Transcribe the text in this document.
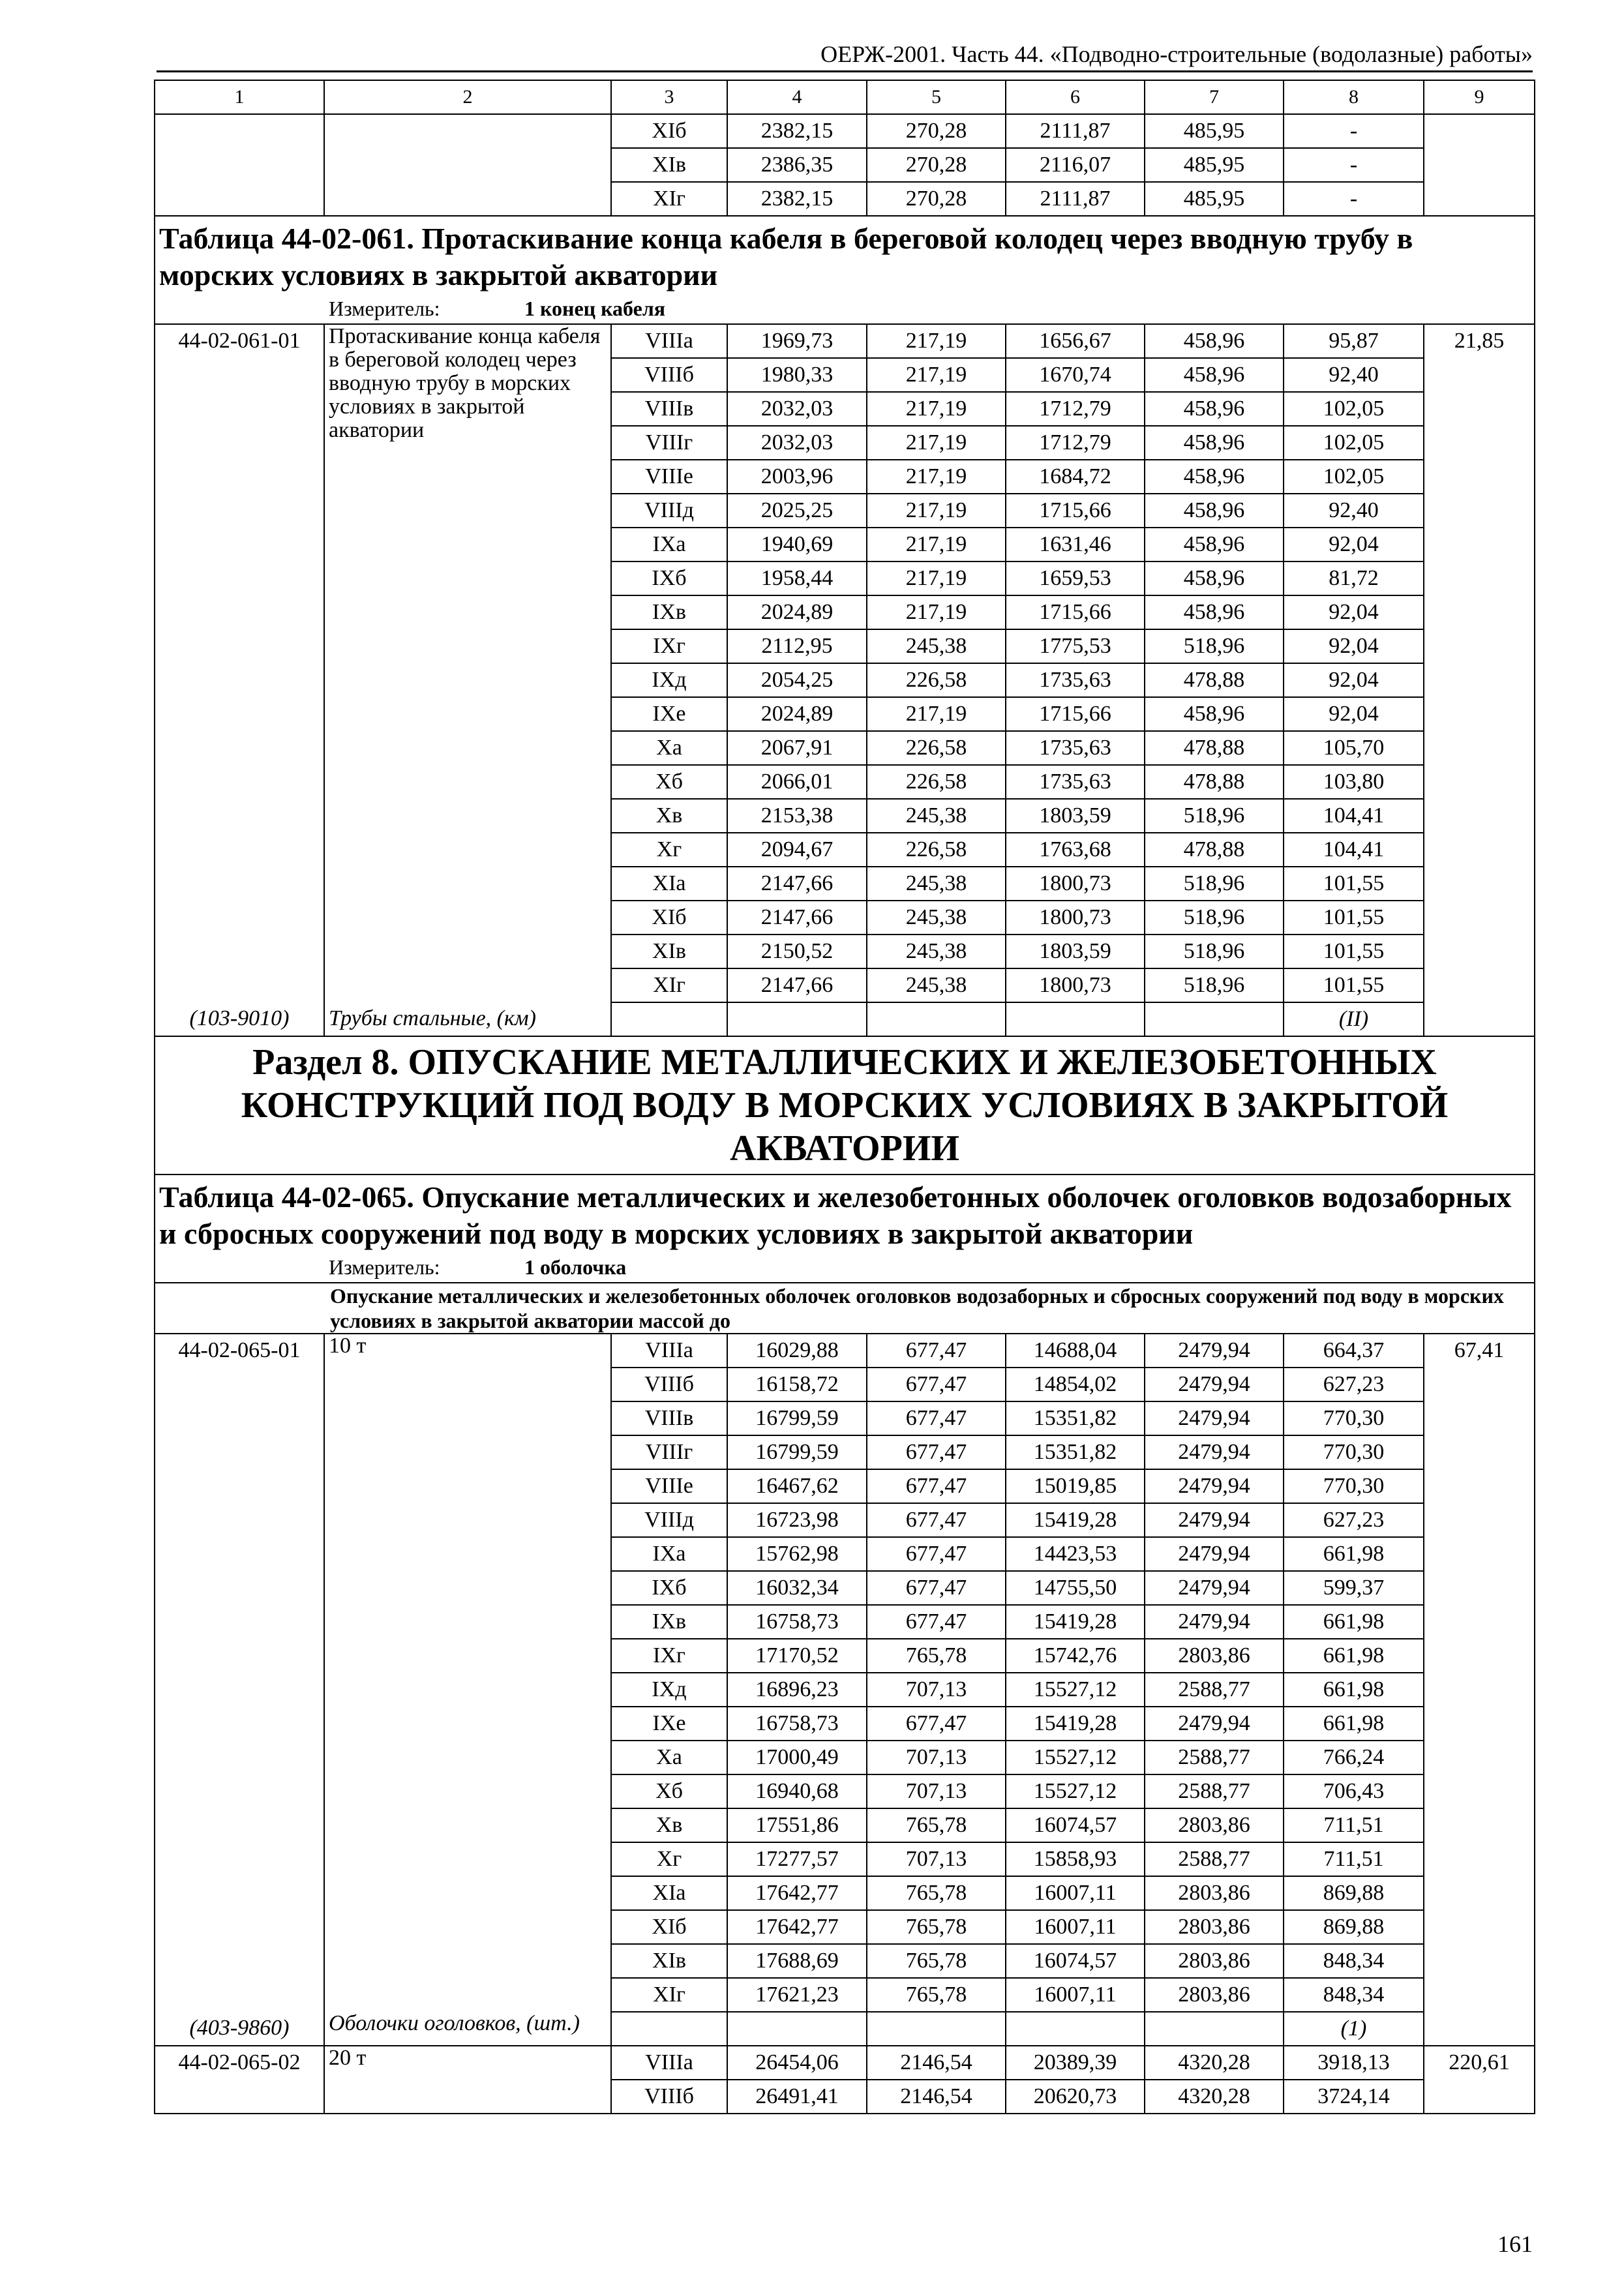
ОЕРЖ-2001. Часть 44. «Подводно-строительные (водолазные) работы»
1	2	3	4	5	6	7	8	9
		XIб	2382,15	270,28	2111,87	485,95	-	
		XIв	2386,35	270,28	2116,07	485,95	-	
		XIг	2382,15	270,28	2111,87	485,95	-	
Таблица 44-02-061. Протаскивание конца кабеля в береговой колодец через вводную трубу в морских условиях в закрытой акватории								
Измеритель: 1 конец кабеля								
44-02-061-01	Протаскивание конца кабеля в береговой колодец через вводную трубу в морских условиях в закрытой акватории	VIIIа	1969,73	217,19	1656,67	458,96	95,87	21,85
		VIIIб	1980,33	217,19	1670,74	458,96	92,40	
		VIIIв	2032,03	217,19	1712,79	458,96	102,05	
		VIIIг	2032,03	217,19	1712,79	458,96	102,05	
		VIIIе	2003,96	217,19	1684,72	458,96	102,05	
		VIIIд	2025,25	217,19	1715,66	458,96	92,40	
		IXа	1940,69	217,19	1631,46	458,96	92,04	
		IXб	1958,44	217,19	1659,53	458,96	81,72	
		IXв	2024,89	217,19	1715,66	458,96	92,04	
		IXг	2112,95	245,38	1775,53	518,96	92,04	
		IXд	2054,25	226,58	1735,63	478,88	92,04	
		IXе	2024,89	217,19	1715,66	458,96	92,04	
		Xа	2067,91	226,58	1735,63	478,88	105,70	
		Xб	2066,01	226,58	1735,63	478,88	103,80	
		Xв	2153,38	245,38	1803,59	518,96	104,41	
		Xг	2094,67	226,58	1763,68	478,88	104,41	
		XIа	2147,66	245,38	1800,73	518,96	101,55	
		XIб	2147,66	245,38	1800,73	518,96	101,55	
		XIв	2150,52	245,38	1803,59	518,96	101,55	
		XIг	2147,66	245,38	1800,73	518,96	101,55	
(103-9010)	Трубы стальные, (км)						(II)	
Раздел 8. ОПУСКАНИЕ МЕТАЛЛИЧЕСКИХ И ЖЕЛЕЗОБЕТОННЫХ КОНСТРУКЦИЙ ПОД ВОДУ В МОРСКИХ УСЛОВИЯХ В ЗАКРЫТОЙ АКВАТОРИИ								
Таблица 44-02-065. Опускание металлических и железобетонных оболочек оголовков водозаборных и сбросных сооружений под воду в морских условиях в закрытой акватории								
Измеритель: 1 оболочка								
Опускание металлических и железобетонных оболочек оголовков водозаборных и сбросных сооружений под воду в морских условиях в закрытой акватории массой до								
44-02-065-01	10 т	VIIIа	16029,88	677,47	14688,04	2479,94	664,37	67,41
		VIIIб	16158,72	677,47	14854,02	2479,94	627,23	
		VIIIв	16799,59	677,47	15351,82	2479,94	770,30	
		VIIIг	16799,59	677,47	15351,82	2479,94	770,30	
		VIIIе	16467,62	677,47	15019,85	2479,94	770,30	
		VIIIд	16723,98	677,47	15419,28	2479,94	627,23	
		IXа	15762,98	677,47	14423,53	2479,94	661,98	
		IXб	16032,34	677,47	14755,50	2479,94	599,37	
		IXв	16758,73	677,47	15419,28	2479,94	661,98	
		IXг	17170,52	765,78	15742,76	2803,86	661,98	
		IXд	16896,23	707,13	15527,12	2588,77	661,98	
		IXе	16758,73	677,47	15419,28	2479,94	661,98	
		Xа	17000,49	707,13	15527,12	2588,77	766,24	
		Xб	16940,68	707,13	15527,12	2588,77	706,43	
		Xв	17551,86	765,78	16074,57	2803,86	711,51	
		Xг	17277,57	707,13	15858,93	2588,77	711,51	
		XIа	17642,77	765,78	16007,11	2803,86	869,88	
		XIб	17642,77	765,78	16007,11	2803,86	869,88	
		XIв	17688,69	765,78	16074,57	2803,86	848,34	
		XIг	17621,23	765,78	16007,11	2803,86	848,34	
(403-9860)	Оболочки оголовков, (шт.)						(1)	
44-02-065-02	20 т	VIIIа	26454,06	2146,54	20389,39	4320,28	3918,13	220,61
		VIIIб	26491,41	2146,54	20620,73	4320,28	3724,14	
161
